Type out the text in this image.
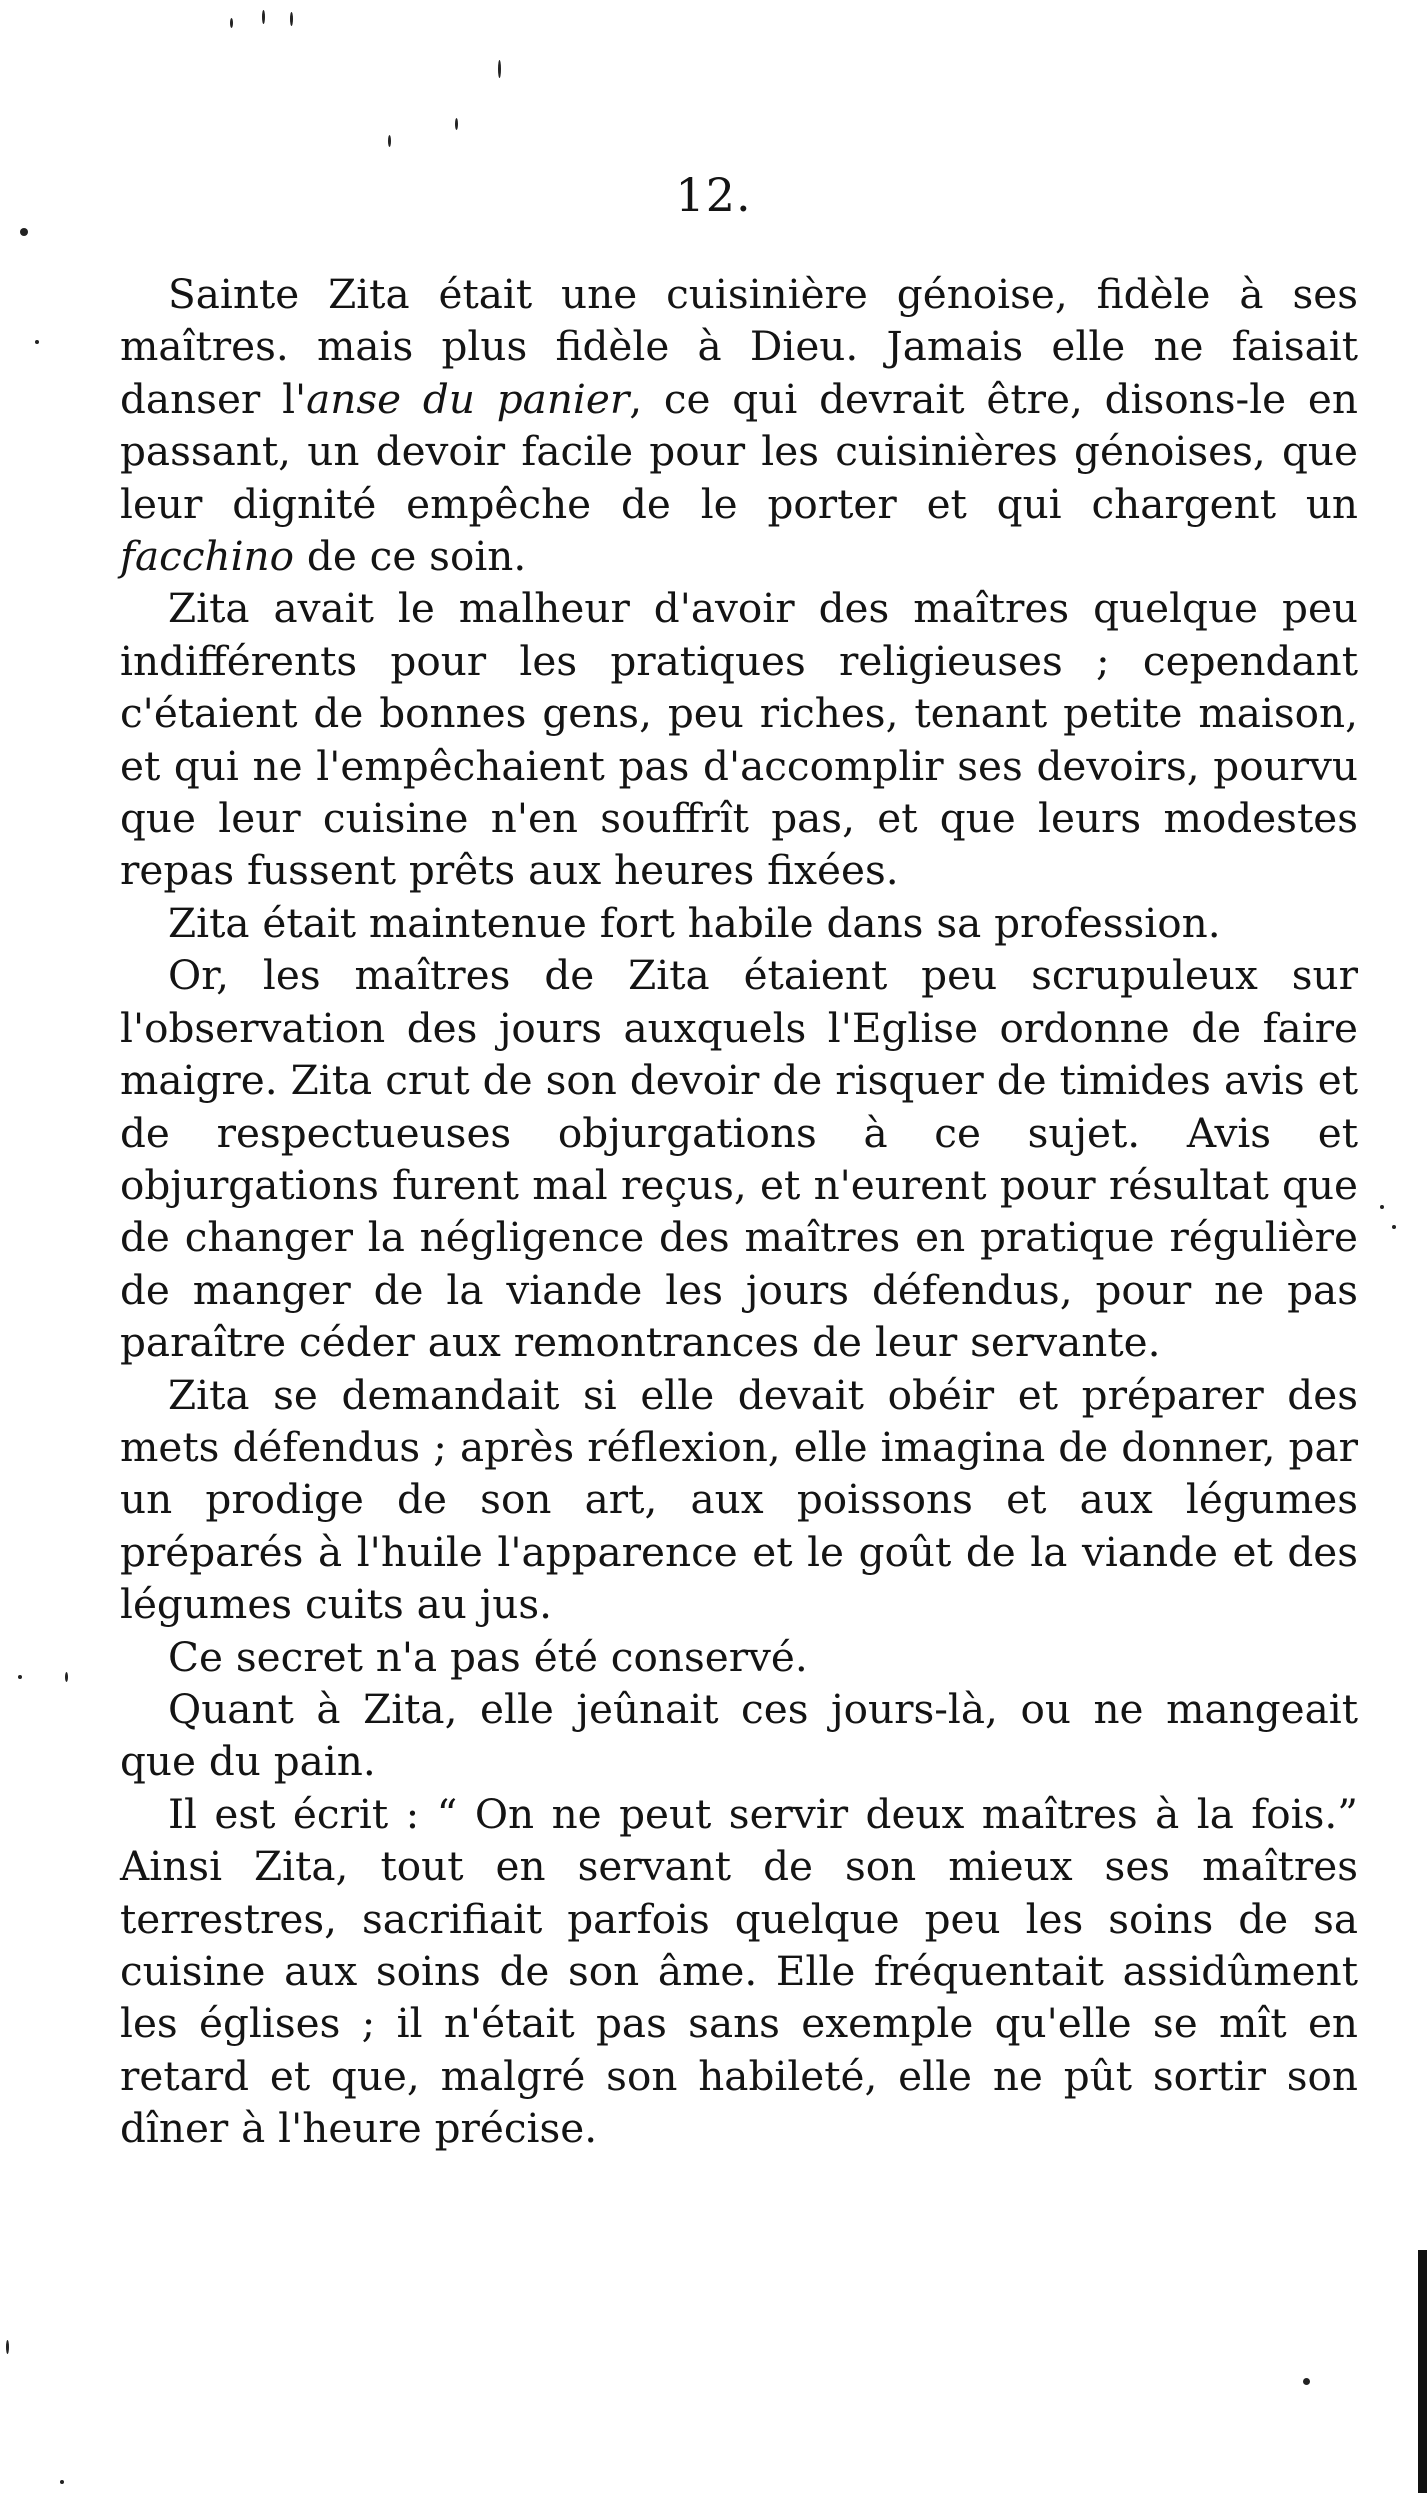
12.

Sainte Zita était une cuisinière génoise, fidèle à ses maîtres. mais plus fidèle à Dieu. Jamais elle ne faisait danser l'anse du panier, ce qui devrait être, disons-le en passant, un devoir facile pour les cuisinières génoises, que leur dignité empêche de le porter et qui chargent un facchino de ce soin.

Zita avait le malheur d'avoir des maîtres quelque peu indifférents pour les pratiques religieuses ; cependant c'étaient de bonnes gens, peu riches, tenant petite maison, et qui ne l'empêchaient pas d'accomplir ses devoirs, pourvu que leur cuisine n'en souffrît pas, et que leurs modestes repas fussent prêts aux heures fixées.

Zita était maintenue fort habile dans sa profession.

Or, les maîtres de Zita étaient peu scrupuleux sur l'observation des jours auxquels l'Eglise ordonne de faire maigre. Zita crut de son devoir de risquer de timides avis et de respectueuses objurgations à ce sujet. Avis et objurgations furent mal reçus, et n'eurent pour résultat que de changer la négligence des maîtres en pratique régulière de manger de la viande les jours défendus, pour ne pas paraître céder aux remontrances de leur servante.

Zita se demandait si elle devait obéir et préparer des mets défendus ; après réflexion, elle imagina de donner, par un prodige de son art, aux poissons et aux légumes préparés à l'huile l'apparence et le goût de la viande et des légumes cuits au jus.

Ce secret n'a pas été conservé.

Quant à Zita, elle jeûnait ces jours-là, ou ne mangeait que du pain.

Il est écrit : “ On ne peut servir deux maîtres à la fois.” Ainsi Zita, tout en servant de son mieux ses maîtres terrestres, sacrifiait parfois quelque peu les soins de sa cuisine aux soins de son âme. Elle fréquentait assidûment les églises ; il n'était pas sans exemple qu'elle se mît en retard et que, malgré son habileté, elle ne pût sortir son dîner à l'heure précise.
